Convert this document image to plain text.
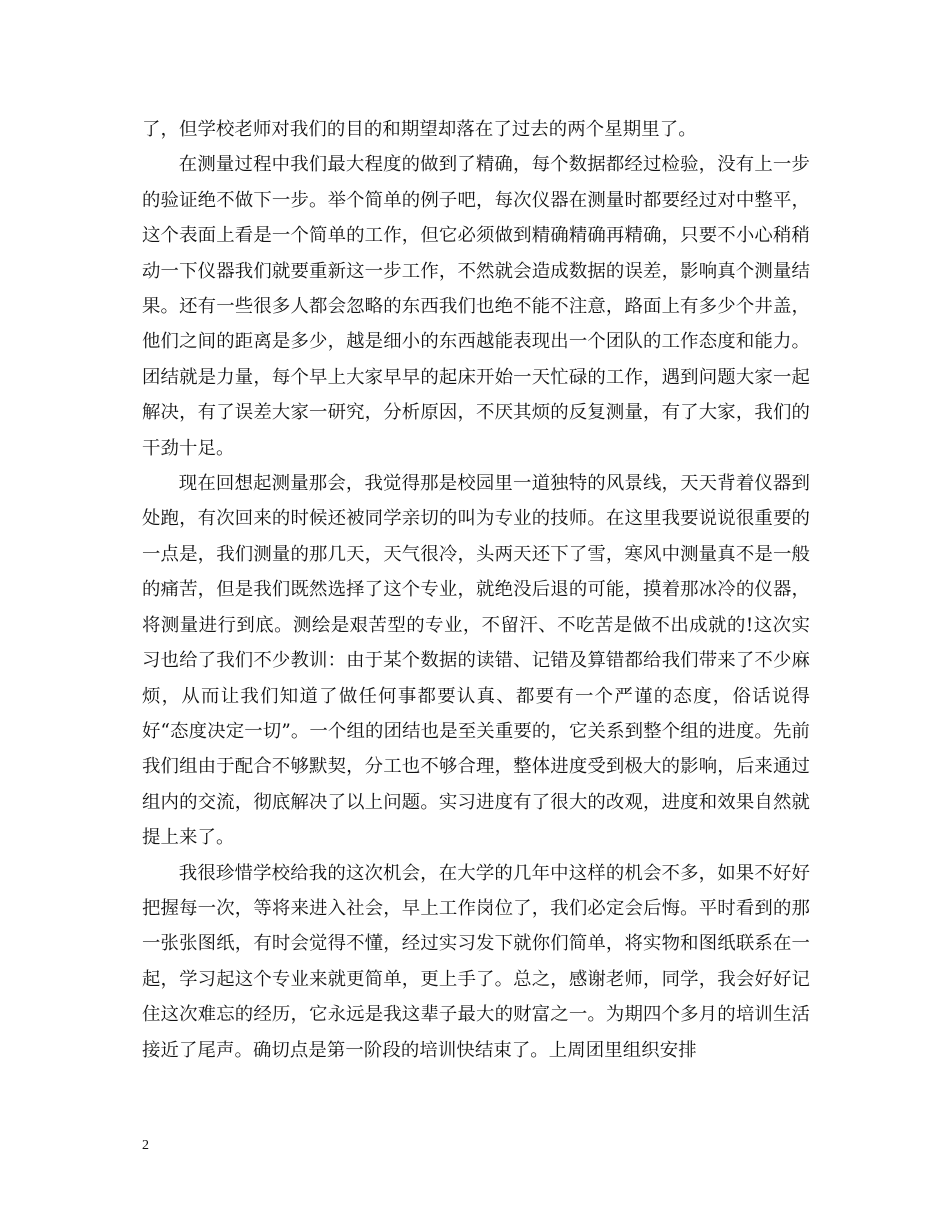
了，但学校老师对我们的目的和期望却落在了过去的两个星期里了。

在测量过程中我们最大程度的做到了精确，每个数据都经过检验，没有上一步的验证绝不做下一步。举个简单的例子吧，每次仪器在测量时都要经过对中整平，这个表面上看是一个简单的工作，但它必须做到精确精确再精确，只要不小心稍稍动一下仪器我们就要重新这一步工作，不然就会造成数据的误差，影响真个测量结果。还有一些很多人都会忽略的东西我们也绝不能不注意，路面上有多少个井盖，他们之间的距离是多少，越是细小的东西越能表现出一个团队的工作态度和能力。团结就是力量，每个早上大家早早的起床开始一天忙碌的工作，遇到问题大家一起解决，有了误差大家一研究，分析原因，不厌其烦的反复测量，有了大家，我们的干劲十足。

现在回想起测量那会，我觉得那是校园里一道独特的风景线，天天背着仪器到处跑，有次回来的时候还被同学亲切的叫为专业的技师。在这里我要说说很重要的一点是，我们测量的那几天，天气很冷，头两天还下了雪，寒风中测量真不是一般的痛苦，但是我们既然选择了这个专业，就绝没后退的可能，摸着那冰冷的仪器，将测量进行到底。测绘是艰苦型的专业，不留汗、不吃苦是做不出成就的!这次实习也给了我们不少教训：由于某个数据的读错、记错及算错都给我们带来了不少麻烦，从而让我们知道了做任何事都要认真、都要有一个严谨的态度，俗话说得好“态度决定一切”。一个组的团结也是至关重要的，它关系到整个组的进度。先前我们组由于配合不够默契，分工也不够合理，整体进度受到极大的影响，后来通过组内的交流，彻底解决了以上问题。实习进度有了很大的改观，进度和效果自然就提上来了。

我很珍惜学校给我的这次机会，在大学的几年中这样的机会不多，如果不好好把握每一次，等将来进入社会，早上工作岗位了，我们必定会后悔。平时看到的那一张张图纸，有时会觉得不懂，经过实习发下就你们简单，将实物和图纸联系在一起，学习起这个专业来就更简单，更上手了。总之，感谢老师，同学，我会好好记住这次难忘的经历，它永远是我这辈子最大的财富之一。为期四个多月的培训生活接近了尾声。确切点是第一阶段的培训快结束了。上周团里组织安排

2
